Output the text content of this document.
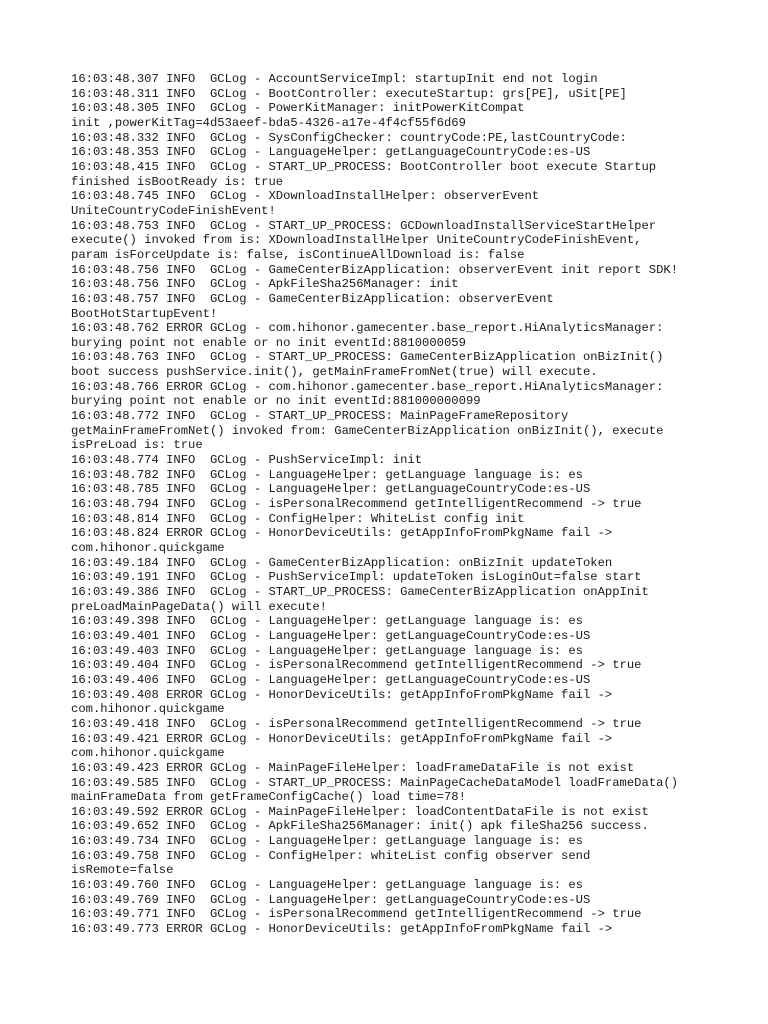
16:03:48.307 INFO  GCLog - AccountServiceImpl: startupInit end not login
16:03:48.311 INFO  GCLog - BootController: executeStartup: grs[PE], uSit[PE]
16:03:48.305 INFO  GCLog - PowerKitManager: initPowerKitCompat
init ,powerKitTag=4d53aeef-bda5-4326-a17e-4f4cf55f6d69
16:03:48.332 INFO  GCLog - SysConfigChecker: countryCode:PE,lastCountryCode:
16:03:48.353 INFO  GCLog - LanguageHelper: getLanguageCountryCode:es-US
16:03:48.415 INFO  GCLog - START_UP_PROCESS: BootController boot execute Startup
finished isBootReady is: true
16:03:48.745 INFO  GCLog - XDownloadInstallHelper: observerEvent
UniteCountryCodeFinishEvent!
16:03:48.753 INFO  GCLog - START_UP_PROCESS: GCDownloadInstallServiceStartHelper
execute() invoked from is: XDownloadInstallHelper UniteCountryCodeFinishEvent,
param isForceUpdate is: false, isContinueAllDownload is: false
16:03:48.756 INFO  GCLog - GameCenterBizApplication: observerEvent init report SDK!
16:03:48.756 INFO  GCLog - ApkFileSha256Manager: init
16:03:48.757 INFO  GCLog - GameCenterBizApplication: observerEvent
BootHotStartupEvent!
16:03:48.762 ERROR GCLog - com.hihonor.gamecenter.base_report.HiAnalyticsManager:
burying point not enable or no init eventId:8810000059
16:03:48.763 INFO  GCLog - START_UP_PROCESS: GameCenterBizApplication onBizInit()
boot success pushService.init(), getMainFrameFromNet(true) will execute.
16:03:48.766 ERROR GCLog - com.hihonor.gamecenter.base_report.HiAnalyticsManager:
burying point not enable or no init eventId:881000000099
16:03:48.772 INFO  GCLog - START_UP_PROCESS: MainPageFrameRepository
getMainFrameFromNet() invoked from: GameCenterBizApplication onBizInit(), execute
isPreLoad is: true
16:03:48.774 INFO  GCLog - PushServiceImpl: init
16:03:48.782 INFO  GCLog - LanguageHelper: getLanguage language is: es
16:03:48.785 INFO  GCLog - LanguageHelper: getLanguageCountryCode:es-US
16:03:48.794 INFO  GCLog - isPersonalRecommend getIntelligentRecommend -> true
16:03:48.814 INFO  GCLog - ConfigHelper: WhiteList config init
16:03:48.824 ERROR GCLog - HonorDeviceUtils: getAppInfoFromPkgName fail ->
com.hihonor.quickgame
16:03:49.184 INFO  GCLog - GameCenterBizApplication: onBizInit updateToken
16:03:49.191 INFO  GCLog - PushServiceImpl: updateToken isLoginOut=false start
16:03:49.386 INFO  GCLog - START_UP_PROCESS: GameCenterBizApplication onAppInit
preLoadMainPageData() will execute!
16:03:49.398 INFO  GCLog - LanguageHelper: getLanguage language is: es
16:03:49.401 INFO  GCLog - LanguageHelper: getLanguageCountryCode:es-US
16:03:49.403 INFO  GCLog - LanguageHelper: getLanguage language is: es
16:03:49.404 INFO  GCLog - isPersonalRecommend getIntelligentRecommend -> true
16:03:49.406 INFO  GCLog - LanguageHelper: getLanguageCountryCode:es-US
16:03:49.408 ERROR GCLog - HonorDeviceUtils: getAppInfoFromPkgName fail ->
com.hihonor.quickgame
16:03:49.418 INFO  GCLog - isPersonalRecommend getIntelligentRecommend -> true
16:03:49.421 ERROR GCLog - HonorDeviceUtils: getAppInfoFromPkgName fail ->
com.hihonor.quickgame
16:03:49.423 ERROR GCLog - MainPageFileHelper: loadFrameDataFile is not exist
16:03:49.585 INFO  GCLog - START_UP_PROCESS: MainPageCacheDataModel loadFrameData()
mainFrameData from getFrameConfigCache() load time=78!
16:03:49.592 ERROR GCLog - MainPageFileHelper: loadContentDataFile is not exist
16:03:49.652 INFO  GCLog - ApkFileSha256Manager: init() apk fileSha256 success.
16:03:49.734 INFO  GCLog - LanguageHelper: getLanguage language is: es
16:03:49.758 INFO  GCLog - ConfigHelper: whiteList config observer send
isRemote=false
16:03:49.760 INFO  GCLog - LanguageHelper: getLanguage language is: es
16:03:49.769 INFO  GCLog - LanguageHelper: getLanguageCountryCode:es-US
16:03:49.771 INFO  GCLog - isPersonalRecommend getIntelligentRecommend -> true
16:03:49.773 ERROR GCLog - HonorDeviceUtils: getAppInfoFromPkgName fail ->
